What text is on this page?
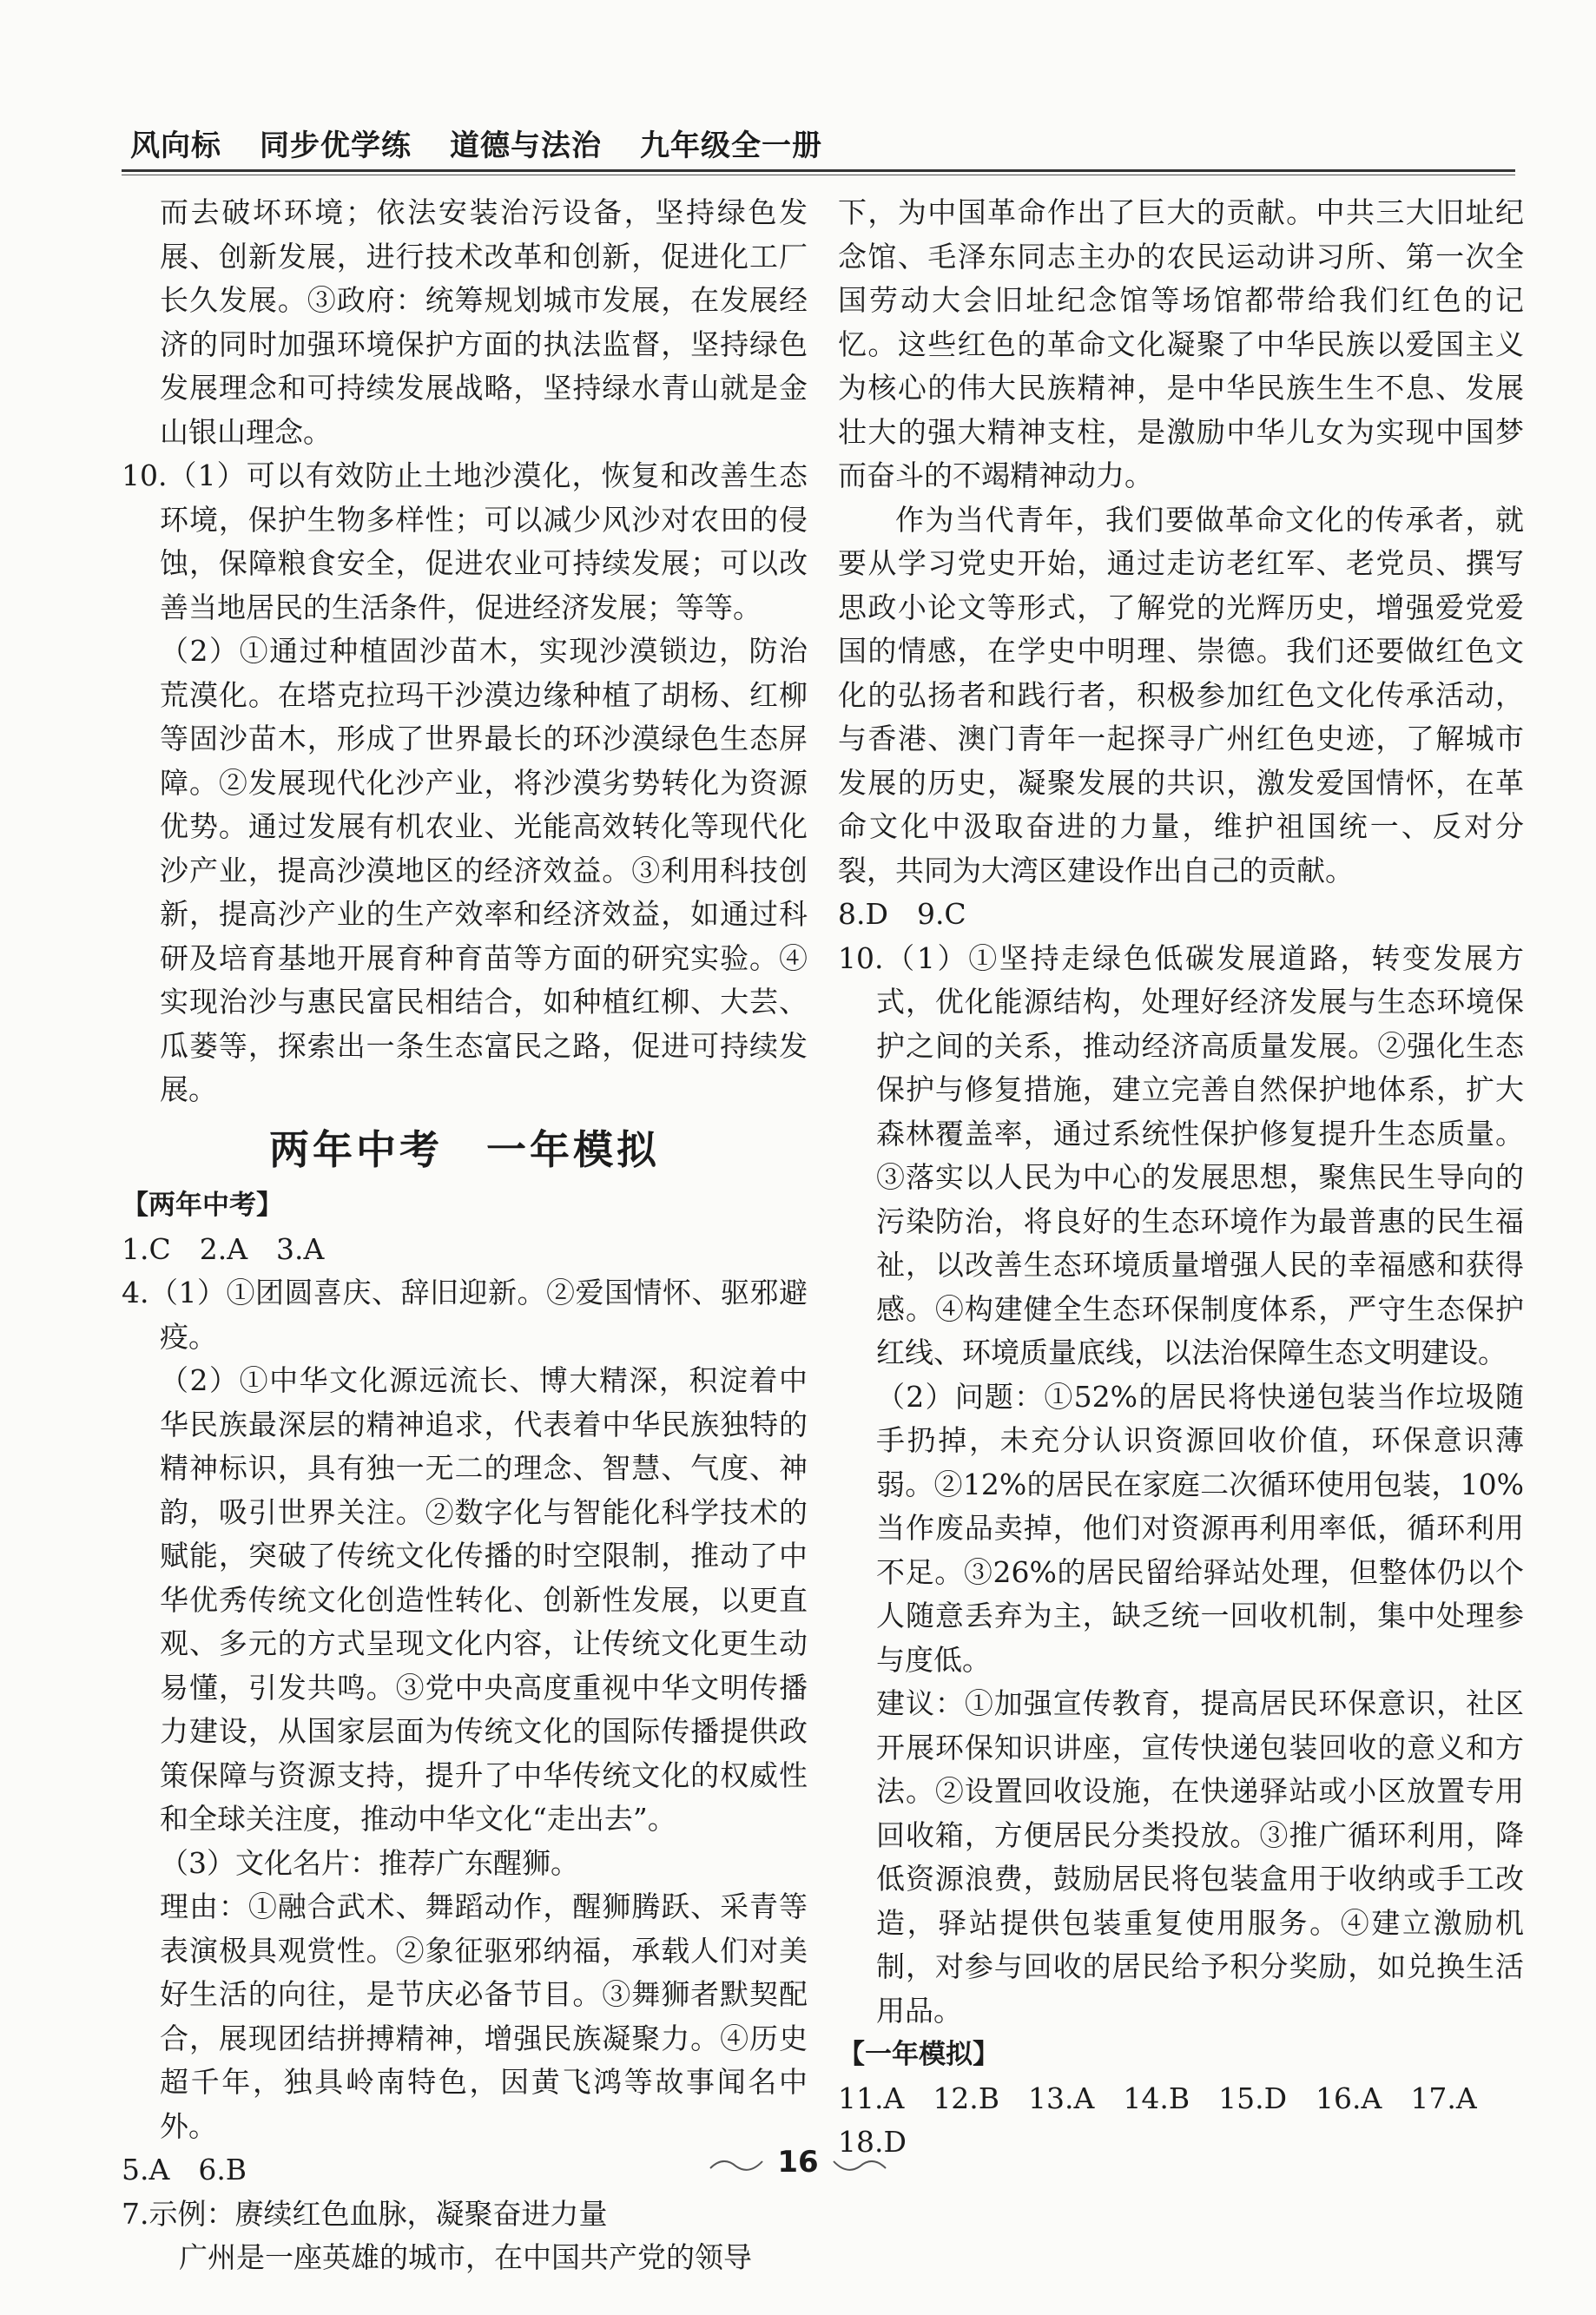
风向标 同步优学练 道德与法治 九年级全一册

而去破坏环境；依法安装治污设备，坚持绿色发展、创新发展，进行技术改革和创新，促进化工厂长久发展。③政府：统筹规划城市发展，在发展经济的同时加强环境保护方面的执法监督，坚持绿色发展理念和可持续发展战略，坚持绿水青山就是金山银山理念。

10.（1）可以有效防止土地沙漠化，恢复和改善生态环境，保护生物多样性；可以减少风沙对农田的侵蚀，保障粮食安全，促进农业可持续发展；可以改善当地居民的生活条件，促进经济发展；等等。

（2）①通过种植固沙苗木，实现沙漠锁边，防治荒漠化。在塔克拉玛干沙漠边缘种植了胡杨、红柳等固沙苗木，形成了世界最长的环沙漠绿色生态屏障。②发展现代化沙产业，将沙漠劣势转化为资源优势。通过发展有机农业、光能高效转化等现代化沙产业，提高沙漠地区的经济效益。③利用科技创新，提高沙产业的生产效率和经济效益，如通过科研及培育基地开展育种育苗等方面的研究实验。④实现治沙与惠民富民相结合，如种植红柳、大芸、瓜蒌等，探索出一条生态富民之路，促进可持续发展。

两年中考　一年模拟

【两年中考】

1.C　2.A　3.A

4.（1）①团圆喜庆、辞旧迎新。②爱国情怀、驱邪避疫。

（2）①中华文化源远流长、博大精深，积淀着中华民族最深层的精神追求，代表着中华民族独特的精神标识，具有独一无二的理念、智慧、气度、神韵，吸引世界关注。②数字化与智能化科学技术的赋能，突破了传统文化传播的时空限制，推动了中华优秀传统文化创造性转化、创新性发展，以更直观、多元的方式呈现文化内容，让传统文化更生动易懂，引发共鸣。③党中央高度重视中华文明传播力建设，从国家层面为传统文化的国际传播提供政策保障与资源支持，提升了中华传统文化的权威性和全球关注度，推动中华文化“走出去”。

（3）文化名片：推荐广东醒狮。

理由：①融合武术、舞蹈动作，醒狮腾跃、采青等表演极具观赏性。②象征驱邪纳福，承载人们对美好生活的向往，是节庆必备节目。③舞狮者默契配合，展现团结拼搏精神，增强民族凝聚力。④历史超千年，独具岭南特色，因黄飞鸿等故事闻名中外。

5.A　6.B

7.示例：赓续红色血脉，凝聚奋进力量

广州是一座英雄的城市，在中国共产党的领导

下，为中国革命作出了巨大的贡献。中共三大旧址纪念馆、毛泽东同志主办的农民运动讲习所、第一次全国劳动大会旧址纪念馆等场馆都带给我们红色的记忆。这些红色的革命文化凝聚了中华民族以爱国主义为核心的伟大民族精神，是中华民族生生不息、发展壮大的强大精神支柱，是激励中华儿女为实现中国梦而奋斗的不竭精神动力。

作为当代青年，我们要做革命文化的传承者，就要从学习党史开始，通过走访老红军、老党员、撰写思政小论文等形式，了解党的光辉历史，增强爱党爱国的情感，在学史中明理、崇德。我们还要做红色文化的弘扬者和践行者，积极参加红色文化传承活动，与香港、澳门青年一起探寻广州红色史迹，了解城市发展的历史，凝聚发展的共识，激发爱国情怀，在革命文化中汲取奋进的力量，维护祖国统一、反对分裂，共同为大湾区建设作出自己的贡献。

8.D　9.C

10.（1）①坚持走绿色低碳发展道路，转变发展方式，优化能源结构，处理好经济发展与生态环境保护之间的关系，推动经济高质量发展。②强化生态保护与修复措施，建立完善自然保护地体系，扩大森林覆盖率，通过系统性保护修复提升生态质量。③落实以人民为中心的发展思想，聚焦民生导向的污染防治，将良好的生态环境作为最普惠的民生福祉，以改善生态环境质量增强人民的幸福感和获得感。④构建健全生态环保制度体系，严守生态保护红线、环境质量底线，以法治保障生态文明建设。

（2）问题：①52%的居民将快递包装当作垃圾随手扔掉，未充分认识资源回收价值，环保意识薄弱。②12%的居民在家庭二次循环使用包装，10%当作废品卖掉，他们对资源再利用率低，循环利用不足。③26%的居民留给驿站处理，但整体仍以个人随意丢弃为主，缺乏统一回收机制，集中处理参与度低。

建议：①加强宣传教育，提高居民环保意识，社区开展环保知识讲座，宣传快递包装回收的意义和方法。②设置回收设施，在快递驿站或小区放置专用回收箱，方便居民分类投放。③推广循环利用，降低资源浪费，鼓励居民将包装盒用于收纳或手工改造，驿站提供包装重复使用服务。④建立激励机制，对参与回收的居民给予积分奖励，如兑换生活用品。

【一年模拟】

11.A　12.B　13.A　14.B　15.D　16.A　17.A

18.D

16
